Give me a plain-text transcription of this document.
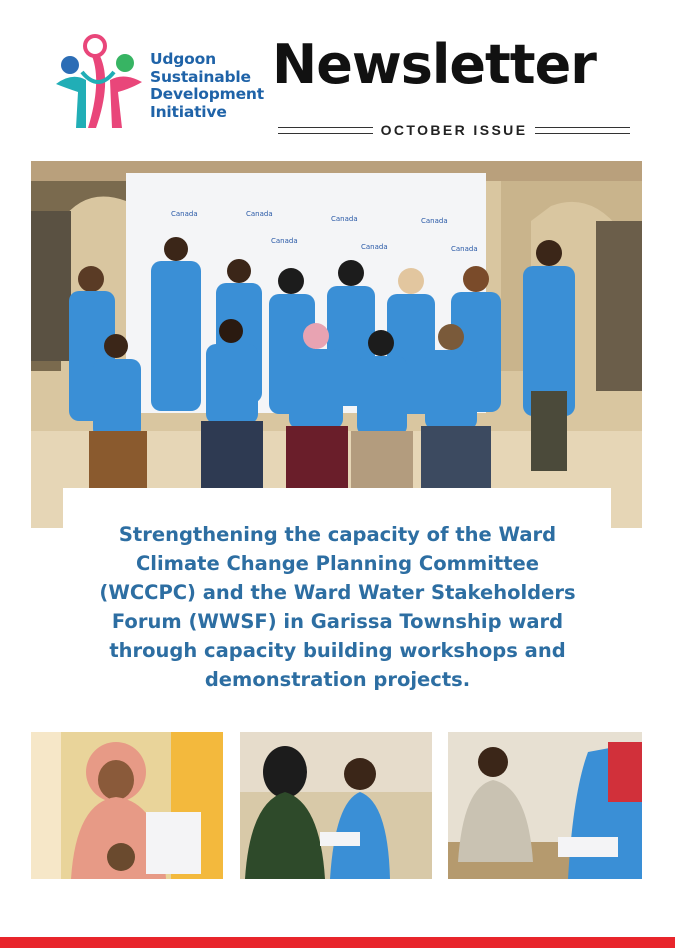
Udgoon
Sustainable
Development
Initiative
Newsletter
OCTOBER ISSUE
Canada	Canada
Canada	Canada
Canada
Canada	Canada
Strengthening the capacity of the Ward Climate Change Planning Committee (WCCPC) and the Ward Water Stakeholders Forum (WWSF) in Garissa Township ward through capacity building workshops and demonstration projects.
